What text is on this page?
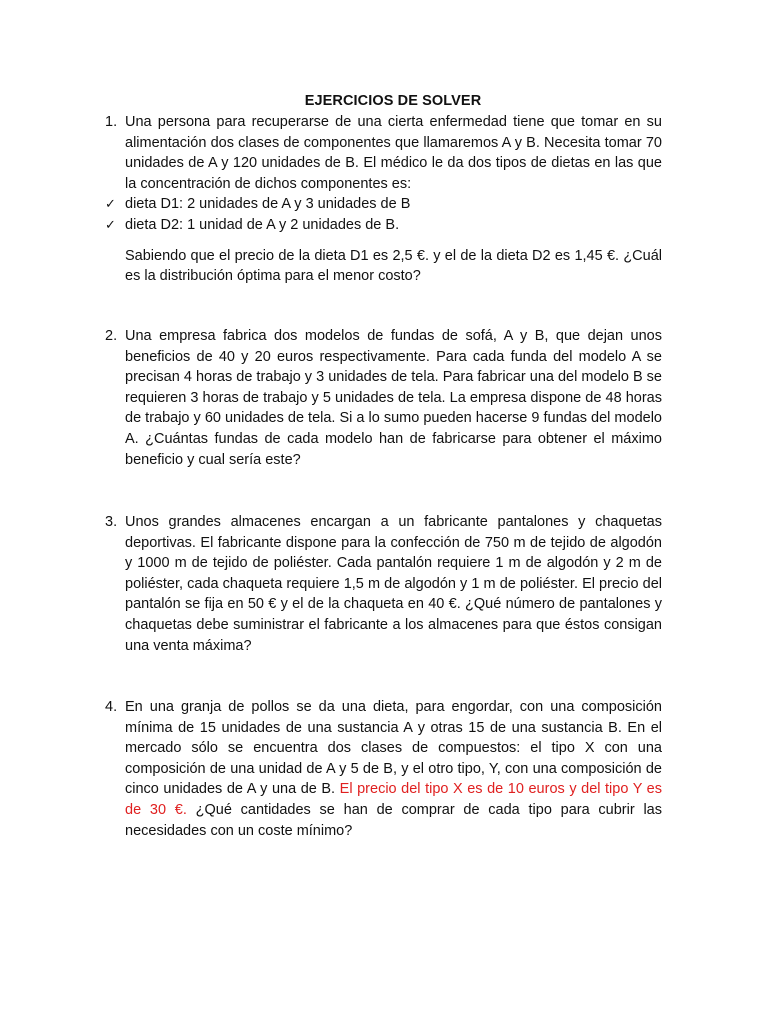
EJERCICIOS DE SOLVER
1. Una persona para recuperarse de una cierta enfermedad tiene que tomar en su alimentación dos clases de componentes que llamaremos A y B. Necesita tomar 70 unidades de A y 120 unidades de B. El médico le da dos tipos de dietas en las que la concentración de dichos componentes es:

✓ dieta D1: 2 unidades de A y 3 unidades de B
✓ dieta D2: 1 unidad de A y 2 unidades de B.

Sabiendo que el precio de la dieta D1 es 2,5 €. y el de la dieta D2 es 1,45 €. ¿Cuál es la distribución óptima para el menor costo?

2. Una empresa fabrica dos modelos de fundas de sofá, A y B, que dejan unos beneficios de 40 y 20 euros respectivamente. Para cada funda del modelo A se precisan 4 horas de trabajo y 3 unidades de tela. Para fabricar una del modelo B se requieren 3 horas de trabajo y 5 unidades de tela. La empresa dispone de 48 horas de trabajo y 60 unidades de tela. Si a lo sumo pueden hacerse 9 fundas del modelo A. ¿Cuántas fundas de cada modelo han de fabricarse para obtener el máximo beneficio y cual sería este?

3. Unos grandes almacenes encargan a un fabricante pantalones y chaquetas deportivas. El fabricante dispone para la confección de 750 m de tejido de algodón y 1000 m de tejido de poliéster. Cada pantalón requiere 1 m de algodón y 2 m de poliéster, cada chaqueta requiere 1,5 m de algodón y 1 m de poliéster. El precio del pantalón se fija en 50 € y el de la chaqueta en 40 €. ¿Qué número de pantalones y chaquetas debe suministrar el fabricante a los almacenes para que éstos consigan una venta máxima?

4. En una granja de pollos se da una dieta, para engordar, con una composición mínima de 15 unidades de una sustancia A y otras 15 de una sustancia B. En el mercado sólo se encuentra dos clases de compuestos: el tipo X con una composición de una unidad de A y 5 de B, y el otro tipo, Y, con una composición de cinco unidades de A y una de B. El precio del tipo X es de 10 euros y del tipo Y es de 30 €. ¿Qué cantidades se han de comprar de cada tipo para cubrir las necesidades con un coste mínimo?
